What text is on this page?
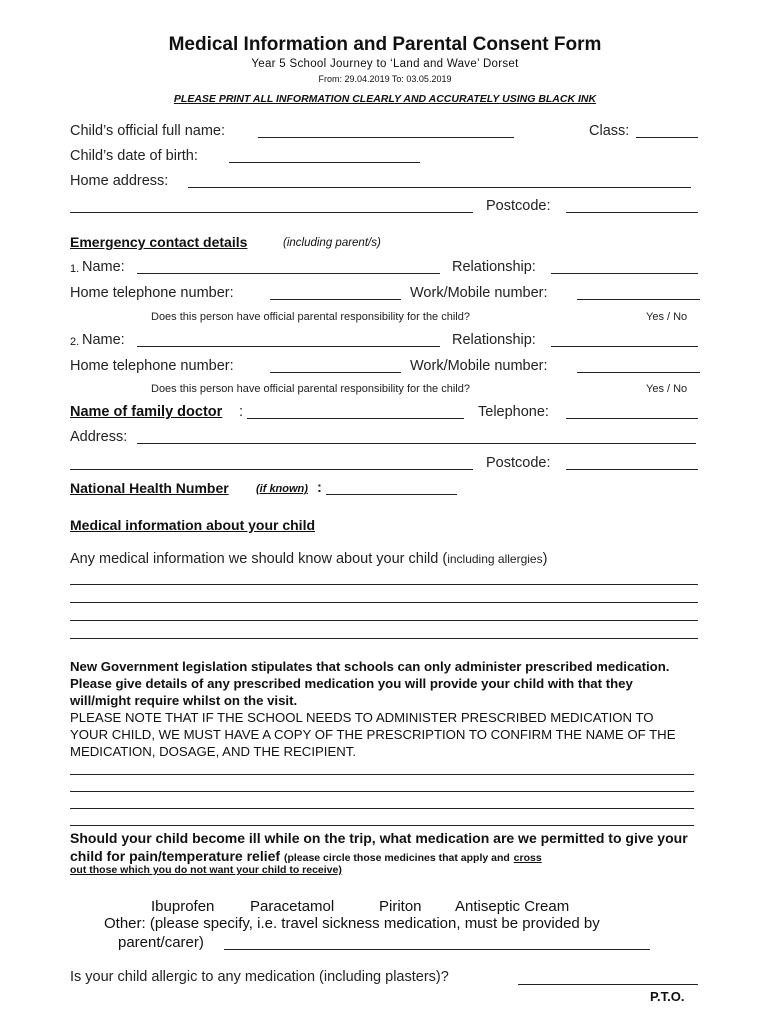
Medical Information and Parental Consent Form
Year 5 School Journey to ‘Land and Wave’ Dorset
From: 29.04.2019 To: 03.05.2019
PLEASE PRINT ALL INFORMATION CLEARLY AND ACCURATELY USING BLACK INK
Child’s official full name:	Class:
Child’s date of birth:
Home address:
Postcode:
Emergency contact details	(including parent/s)
1. Name:	Relationship:
Home telephone number:	Work/Mobile number:
Does this person have official parental responsibility for the child?	Yes / No
2. Name:	Relationship:
Home telephone number:	Work/Mobile number:
Does this person have official parental responsibility for the child?	Yes / No
Name of family doctor :	Telephone:
Address:
Postcode:
National Health Number (if known) :
Medical information about your child
Any medical information we should know about your child (including allergies)
New Government legislation stipulates that schools can only administer prescribed medication. Please give details of any prescribed medication you will provide your child with that they will/might require whilst on the visit.
PLEASE NOTE THAT IF THE SCHOOL NEEDS TO ADMINISTER PRESCRIBED MEDICATION TO YOUR CHILD, WE MUST HAVE A COPY OF THE PRESCRIPTION TO CONFIRM THE NAME OF THE MEDICATION, DOSAGE, AND THE RECIPIENT.
Should your child become ill while on the trip, what medication are we permitted to give your child for pain/temperature relief (please circle those medicines that apply and cross
out those which you do not want your child to receive)
Ibuprofen Paracetamol	Piriton Antiseptic Cream
Other: (please specify, i.e. travel sickness medication, must be provided by
parent/carer)
Is your child allergic to any medication (including plasters)?
P.T.O.
